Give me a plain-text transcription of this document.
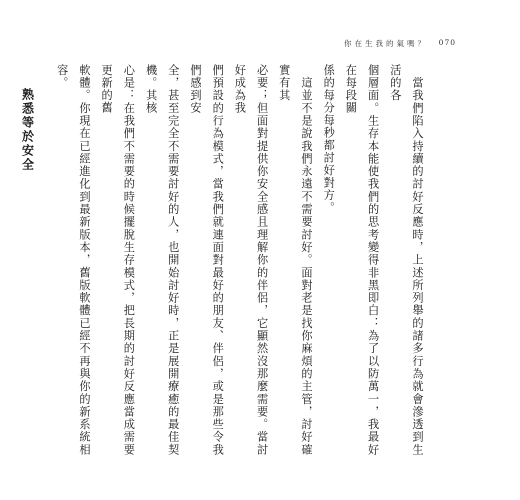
你在生我的氣嗎？ 070

　當我們陷入持續的討好反應時，上述所列舉的諸多行為就會滲透到生活的各

個層面。生存本能使我們的思考變得非黑即白：為了以防萬一，我最好在每段關

係的每分每秒都討好對方。

　這並不是說我們永遠不需要討好。面對老是找你麻煩的主管，討好確實有其

必要；但面對提供你安全感且理解你的伴侶，它顯然沒那麼需要。當討好成為我

們預設的行為模式，當我們就連面對最好的朋友、伴侶，或是那些令我們感到安

全，甚至完全不需要討好的人，也開始討好時，正是展開療癒的最佳契機。其核

心是：在我們不需要的時候擺脫生存模式，把長期的討好反應當成需要更新的舊

軟體。你現在已經進化到最新版本，舊版軟體已經不再與你的新系統相容。

熟悉等於安全
